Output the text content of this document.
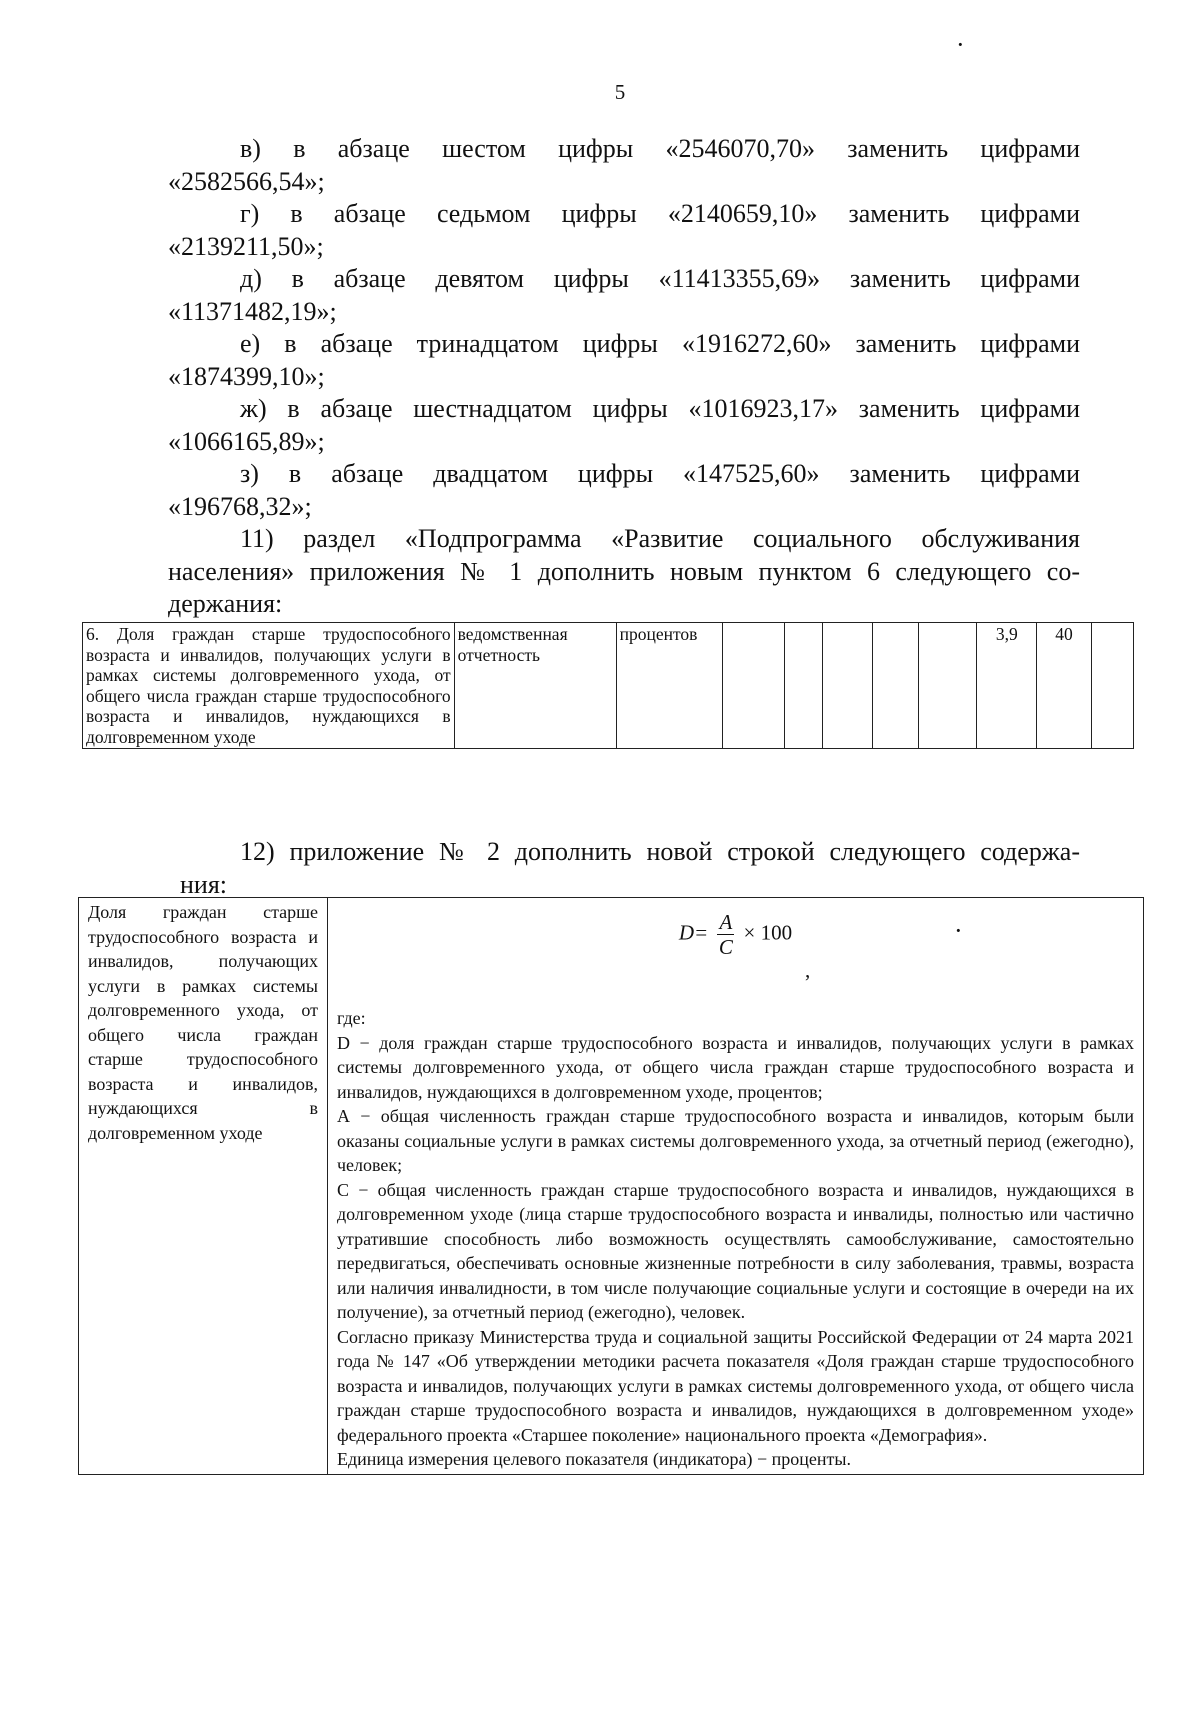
5
·
·
в) в абзаце шестом цифры «2546070,70» заменить цифрами
«2582566,54»;
г) в абзаце седьмом цифры «2140659,10» заменить цифрами
«2139211,50»;
д) в абзаце девятом цифры «11413355,69» заменить цифрами
«11371482,19»;
е) в абзаце тринадцатом цифры «1916272,60» заменить цифрами
«1874399,10»;
ж) в абзаце шестнадцатом цифры «1016923,17» заменить цифрами
«1066165,89»;
з) в абзаце двадцатом цифры «147525,60» заменить цифрами
«196768,32»;
11) раздел «Подпрограмма «Развитие социального обслуживания
населения» приложения № 1 дополнить новым пунктом 6 следующего со-
держания:
6. Доля граждан старше трудоспособного возраста и инвалидов, получающих услуги в рамках системы долговременного ухода, от общего числа граждан старше трудоспособного возраста и инвалидов, нуждающихся в долговременном уходе	ведомственная отчетность	процентов						3,9	40	
12) приложение № 2 дополнить новой строкой следующего содержа-
ния:
Доля граждан старше трудоспособного возраста и инвалидов, получающих услуги в рамках системы долговременного ухода, от общего числа граждан старше трудоспособного возраста и инвалидов, нуждающихся в долговременном уходе	
$D= \frac{A}{C} \times 100$
,

где:

D − доля граждан старше трудоспособного возраста и инвалидов, получающих услуги в рамках системы долговременного ухода, от общего числа граждан старше трудоспособного возраста и инвалидов, нуждающихся в долговременном уходе, процентов;

А − общая численность граждан старше трудоспособного возраста и инвалидов, которым были оказаны социальные услуги в рамках системы долговременного ухода, за отчетный период (ежегодно), человек;

С − общая численность граждан старше трудоспособного возраста и инвалидов, нуждающихся в долговременном уходе (лица старше трудоспособного возраста и инвалиды, полностью или частично утратившие способность либо возможность осуществлять самообслуживание, самостоятельно передвигаться, обеспечивать основные жизненные потребности в силу заболевания, травмы, возраста или наличия инвалидности, в том числе получающие социальные услуги и состоящие в очереди на их получение), за отчетный период (ежегодно), человек.

Согласно приказу Министерства труда и социальной защиты Российской Федерации от 24 марта 2021 года № 147 «Об утверждении методики расчета показателя «Доля граждан старше трудоспособного возраста и инвалидов, получающих услуги в рамках системы долговременного ухода, от общего числа граждан старше трудоспособного возраста и инвалидов, нуждающихся в долговременном уходе» федерального проекта «Старшее поколение» национального проекта «Демография».

Единица измерения целевого показателя (индикатора) − проценты.
